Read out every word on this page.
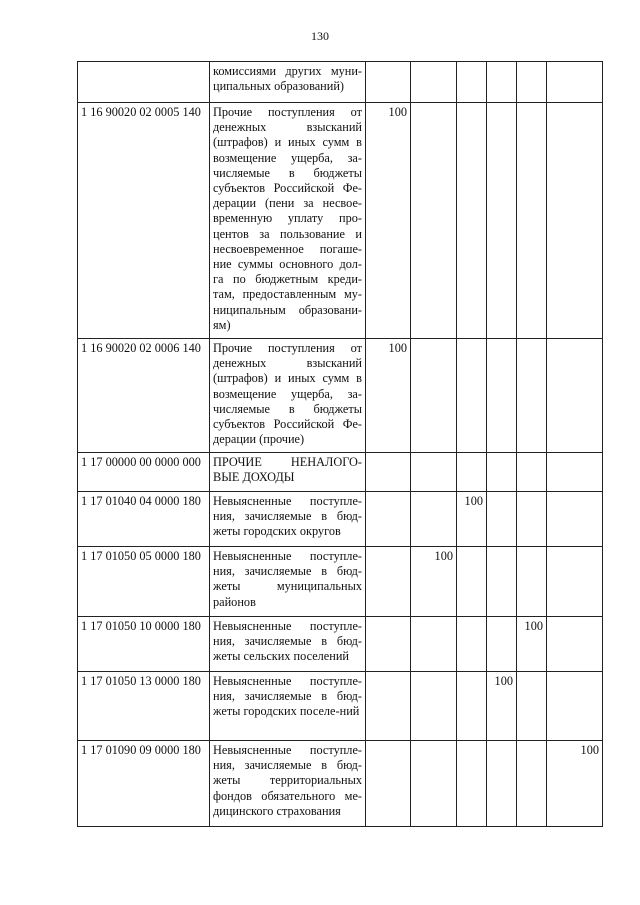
130
	комиссиями других муни-ципальных образований)						
1 16 90020 02 0005 140	Прочие поступления от денежных взысканий (штрафов) и иных сумм в возмещение ущерба, за-числяемые в бюджеты субъектов Российской Фе-дерации (пени за несвое-временную уплату про-центов за пользование и несвоевременное погаше-ние суммы основного дол-га по бюджетным креди-там, предоставленным му-ниципальным образовани-ям)	100					
1 16 90020 02 0006 140	Прочие поступления от денежных взысканий (штрафов) и иных сумм в возмещение ущерба, за-числяемые в бюджеты субъектов Российской Фе-дерации (прочие)	100					
1 17 00000 00 0000 000	ПРОЧИЕ НЕНАЛОГО-ВЫЕ ДОХОДЫ						
1 17 01040 04 0000 180	Невыясненные поступле-ния, зачисляемые в бюд-жеты городских округов			100			
1 17 01050 05 0000 180	Невыясненные поступле-ния, зачисляемые в бюд-жеты муниципальных районов		100				
1 17 01050 10 0000 180	Невыясненные поступле-ния, зачисляемые в бюд-жеты сельских поселений					100	
1 17 01050 13 0000 180	Невыясненные поступле-ния, зачисляемые в бюд-жеты городских поселе-ний				100		
1 17 01090 09 0000 180	Невыясненные поступле-ния, зачисляемые в бюд-жеты территориальных фондов обязательного ме-дицинского страхования						100
